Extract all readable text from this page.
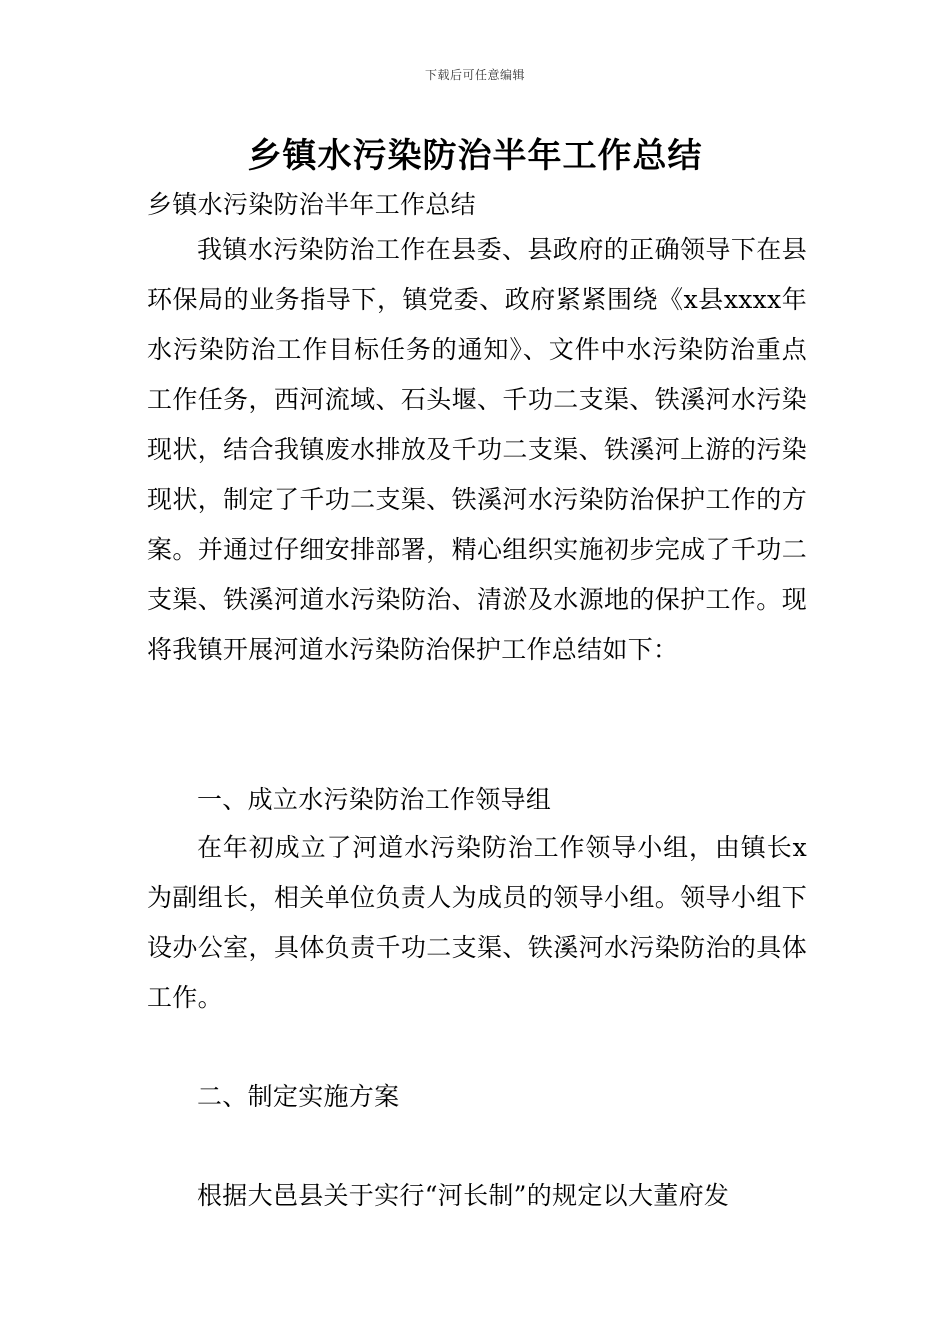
下载后可任意编辑
乡镇水污染防治半年工作总结
乡镇水污染防治半年工作总结
我镇水污染防治工作在县委、县政府的正确领导下在县环保局的业务指导下，镇党委、政府紧紧围绕《x县xxxx年水污染防治工作目标任务的通知》、文件中水污染防治重点工作任务，西河流域、石头堰、千功二支渠、铁溪河水污染现状，结合我镇废水排放及千功二支渠、铁溪河上游的污染现状，制定了千功二支渠、铁溪河水污染防治保护工作的方案。并通过仔细安排部署，精心组织实施初步完成了千功二支渠、铁溪河道水污染防治、清淤及水源地的保护工作。现将我镇开展河道水污染防治保护工作总结如下：
一、成立水污染防治工作领导组
在年初成立了河道水污染防治工作领导小组，由镇长x为副组长，相关单位负责人为成员的领导小组。领导小组下设办公室，具体负责千功二支渠、铁溪河水污染防治的具体工作。
二、制定实施方案
根据大邑县关于实行“河长制”的规定以大董府发
